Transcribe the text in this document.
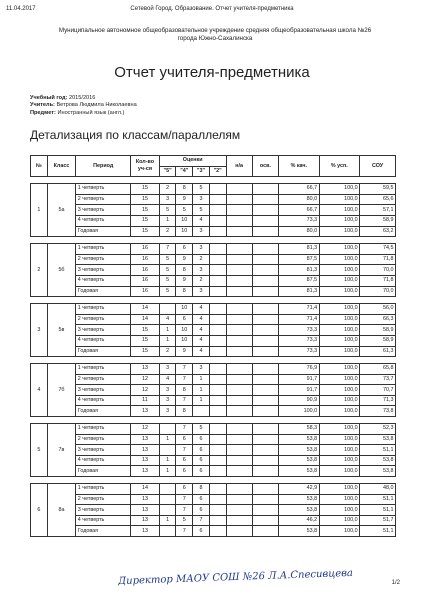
11.04.2017	Сетевой Город. Образование. Отчет учителя-предметника
Муниципальное автономное общеобразовательное учреждение средняя общеобразовательная школа №26
города Южно-Сахалинска
Отчет учителя-предметника
Учебный год: 2015/2016
Учитель: Ветрова Людмила Николаевна
Предмет: Иностранный язык (англ.)
Детализация по классам/параллелям
№	Класс	Период	Кол-во уч-ся	Оценки				н/а	осв.	% кач.	% усп.	СОУ
				"5"	"4"	"3"	"2"					

1	5а	1 четверть	15	2	8	5				66,7	100,0	59,5
		2 четверть	15	3	9	3				80,0	100,0	65,6
		3 четверть	15	5	5	5				66,7	100,0	57,1
		4 четверть	15	1	10	4				73,3	100,0	58,9
		Годовая	15	2	10	3				80,0	100,0	63,2

2	5б	1 четверть	16	7	6	3				81,3	100,0	74,5
		2 четверть	16	5	9	2				87,5	100,0	71,8
		3 четверть	16	5	8	3				81,3	100,0	70,0
		4 четверть	16	5	9	2				87,5	100,0	71,8
		Годовая	16	5	8	3				81,3	100,0	70,0

3	5в	1 четверть	14		10	4				71,4	100,0	56,0
		2 четверть	14	4	6	4				71,4	100,0	66,3
		3 четверть	15	1	10	4				73,3	100,0	58,9
		4 четверть	15	1	10	4				73,3	100,0	58,9
		Годовая	15	2	9	4				73,3	100,0	61,3

4	7б	1 четверть	13	3	7	3				76,9	100,0	65,8
		2 четверть	12	4	7	1				91,7	100,0	73,7
		3 четверть	12	3	8	1				91,7	100,0	70,7
		4 четверть	11	3	7	1				90,9	100,0	71,3
		Годовая	13	3	8					100,0	100,0	73,8

5	7в	1 четверть	12		7	5				58,3	100,0	52,3
		2 четверть	13	1	6	6				53,8	100,0	53,8
		3 четверть	13		7	6				53,8	100,0	51,1
		4 четверть	13	1	6	6				53,8	100,0	53,8
		Годовая	13	1	6	6				53,8	100,0	53,8

6	8а	1 четверть	14		6	8				42,9	100,0	48,0
		2 четверть	13		7	6				53,8	100,0	51,1
		3 четверть	13		7	6				53,8	100,0	51,1
		4 четверть	13	1	5	7				46,2	100,0	51,7
		Годовая	13		7	6				53,8	100,0	51,1
Директор МАОУ СОШ №26 Л.А.Спесивцева	1/2
